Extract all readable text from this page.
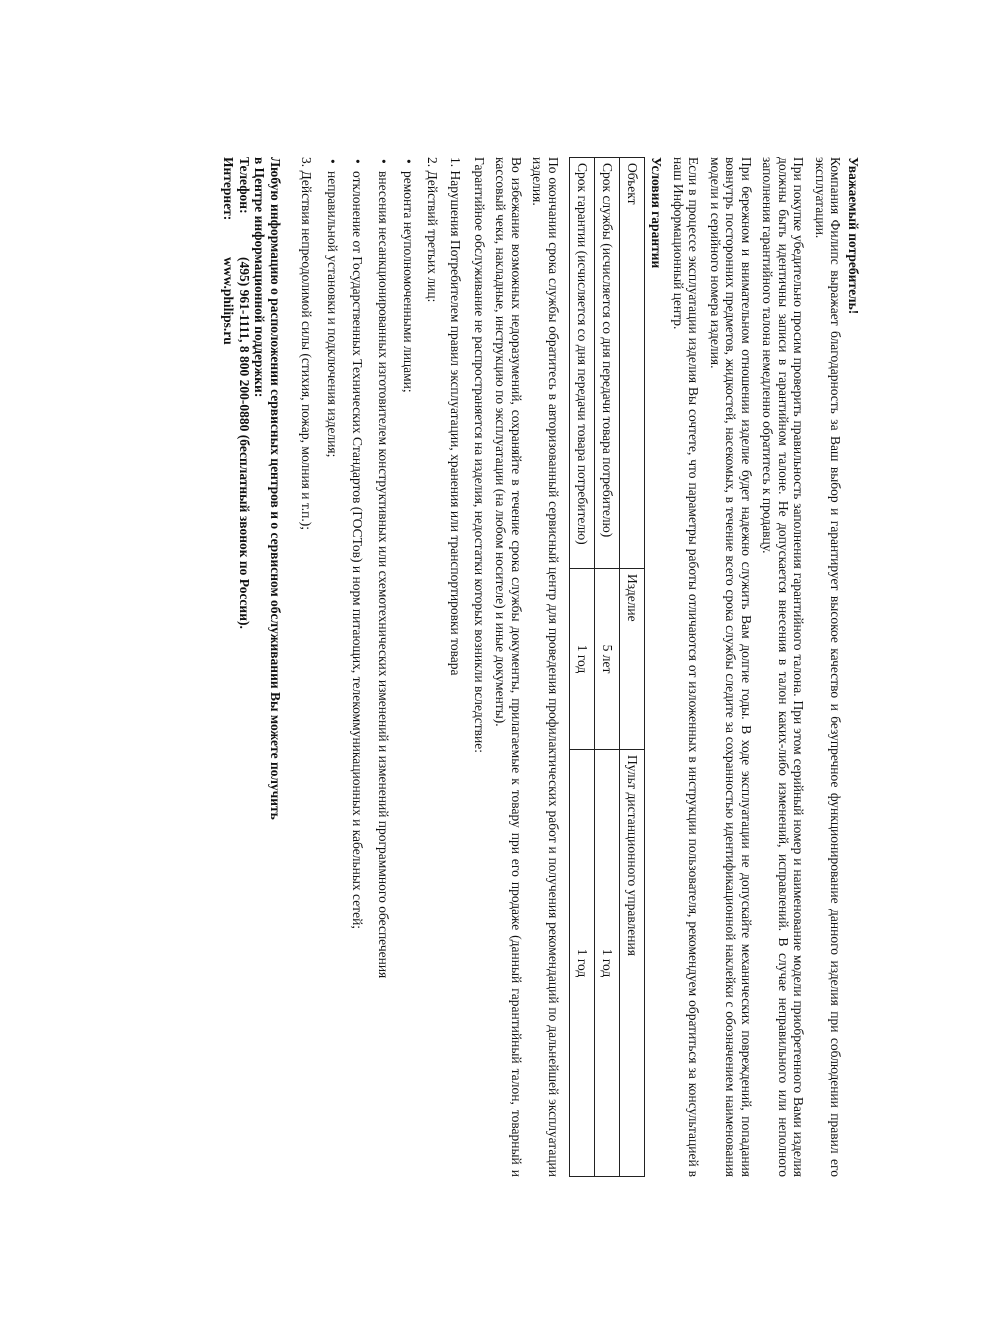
Уважаемый потребитель!

Компания Филипс выражает благодарность за Ваш выбор и гарантирует высокое качество и безупречное функционирование данного изделия при соблюдении правил его эксплуатации.

При покупке убедительно просим проверить правильность заполнения гарантийного талона. При этом серийный номер и наименование модели приобретенного Вами изделия должны быть идентичны записи в гарантийном талоне. Не допускается внесения в талон каких-либо изменений, исправлений. В случае неправильного или неполного заполнения гарантийного талона немедленно обратитесь к продавцу.

При бережном и внимательном отношении изделие будет надежно служить Вам долгие годы. В ходе эксплуатации не допускайте механических повреждений, попадания вовнутрь посторонних предметов, жидкостей, насекомых, в течение всего срока службы следите за сохранностью идентификационной наклейки с обозначением наименования модели и серийного номера изделия.

Если в процессе эксплуатации изделия Вы сочтете, что параметры работы отличаются от изложенных в инструкции пользователя, рекомендуем обратиться за консультацией в наш Информационный центр.

Условия гарантии
Объект	Изделие	Пульт дистанционного управления
Срок службы (исчисляется со дня передачи товара потребителю)	5 лет	1 год
Срок гарантии (исчисляется со дня передачи товара потребителю)	1 год	1 год

По окончании срока службы обратитесь в авторизованный сервисный центр для проведения профилактических работ и получения рекомендаций по дальнейшей эксплуатации изделия.

Во избежание возможных недоразумений, сохраняйте в течение срока службы документы, прилагаемые к товару при его продаже (данный гарантийный талон, товарный и кассовый чеки, накладные, инструкцию по эксплуатации (на любом носителе) и иные документы).

Гарантийное обслуживание не распространяется на изделия, недостатки которых возникли вследствие:

1. Нарушения Потребителем правил эксплуатации, хранения или транспортировки товара
2. Действий третьих лиц:
• ремонта неуполномоченными лицами;
• внесения несанкционированных изготовителем конструктивных или схемотехнических изменений и изменений программного обеспечения
• отклонение от Государственных Технических Стандартов (ГОСТов) и норм питающих, телекоммуникационных и кабельных сетей;
• неправильной установки и подключения изделия;
3. Действия непреодолимой силы (стихия, пожар, молния и т.п.);
Любую информацию о расположении сервисных центров и о сервисном обслуживании Вы можете получить
в Центре информационной поддержки:
Телефон:
(495) 961-1111, 8 800 200-0880 (бесплатный звонок по России).
Интернет:
www.philips.ru
